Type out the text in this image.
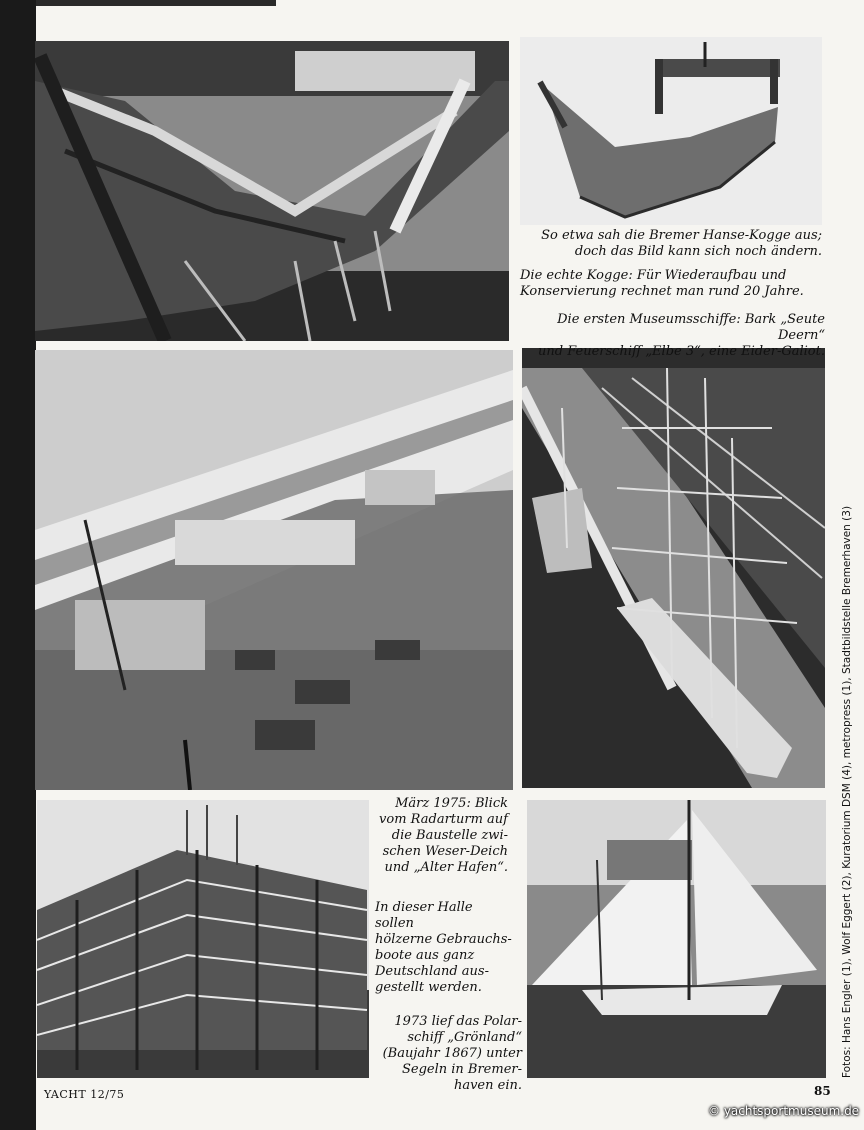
So etwa sah die Bremer Hanse-Kogge aus;
doch das Bild kann sich noch ändern.

Die echte Kogge: Für Wiederaufbau und
Konservierung rechnet man rund 20 Jahre.

Die ersten Museumsschiffe: Bark „Seute Deern“
und Feuerschiff „Elbe 3“, eine Eider-Galiot.

März 1975: Blick
vom Radarturm auf
die Baustelle zwi-
schen Weser-Deich
und „Alter Hafen“.

In dieser Halle sollen
hölzerne Gebrauchs-
boote aus ganz
Deutschland aus-
gestellt werden.

1973 lief das Polar-
schiff „Grönland“
(Baujahr 1867) unter
Segeln in Bremer-
haven ein.

Fotos: Hans Engler (1), Wolf Eggert (2), Kuratorium DSM (4), metropress (1), Stadtbildstelle Bremerhaven (3)
YACHT 12/75	85
© yachtsportmuseum.de
